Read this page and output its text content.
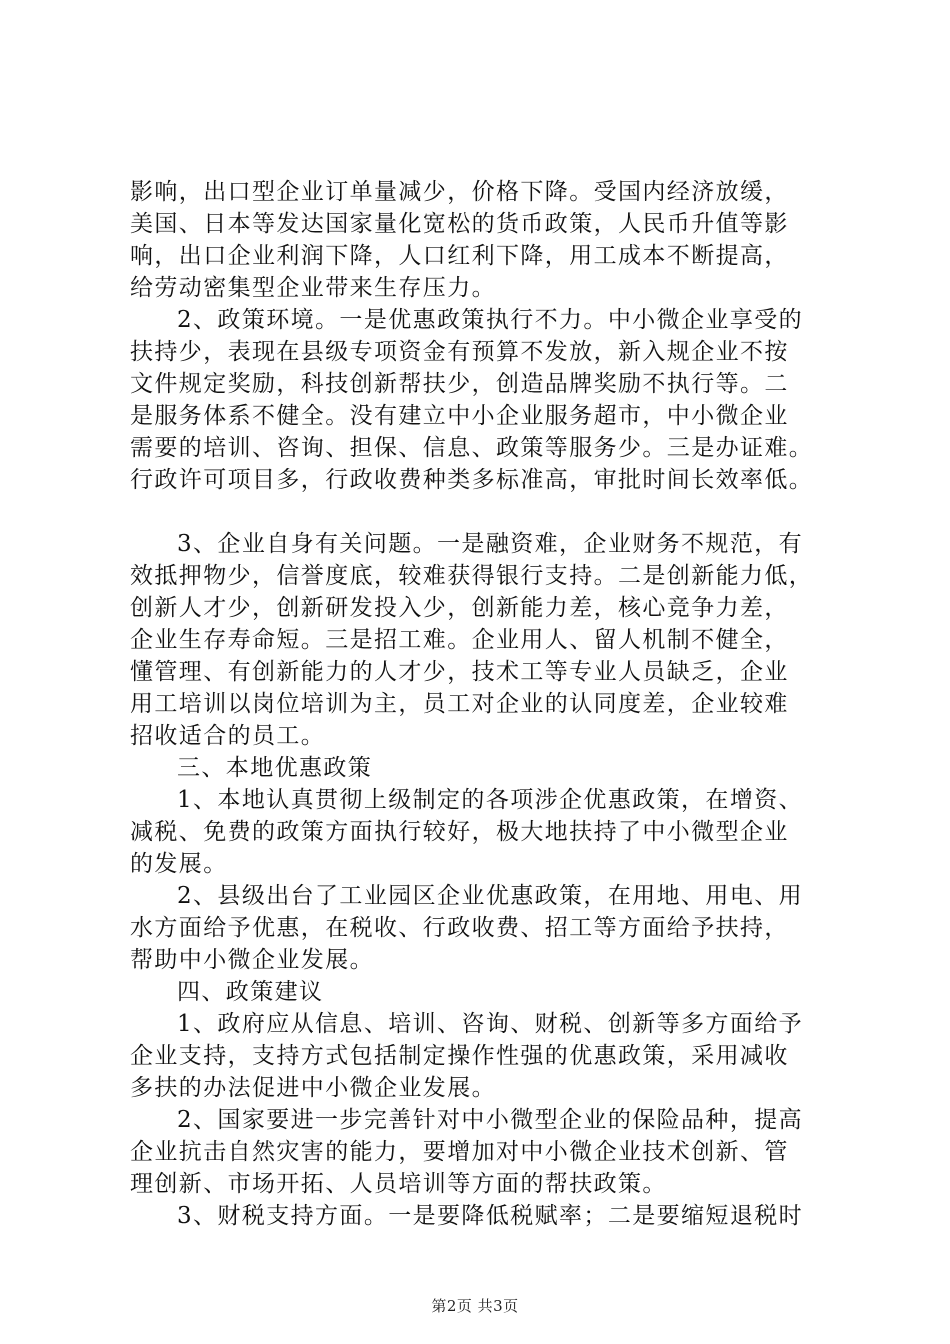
影响，出口型企业订单量减少，价格下降。受国内经济放缓，
美国、日本等发达国家量化宽松的货币政策，人民币升值等影
响，出口企业利润下降，人口红利下降，用工成本不断提高，
给劳动密集型企业带来生存压力。
2、政策环境。一是优惠政策执行不力。中小微企业享受的
扶持少，表现在县级专项资金有预算不发放，新入规企业不按
文件规定奖励，科技创新帮扶少，创造品牌奖励不执行等。二
是服务体系不健全。没有建立中小企业服务超市，中小微企业
需要的培训、咨询、担保、信息、政策等服务少。三是办证难。
行政许可项目多，行政收费种类多标准高，审批时间长效率低。
3、企业自身有关问题。一是融资难，企业财务不规范，有
效抵押物少，信誉度底，较难获得银行支持。二是创新能力低，
创新人才少，创新研发投入少，创新能力差，核心竞争力差，
企业生存寿命短。三是招工难。企业用人、留人机制不健全，
懂管理、有创新能力的人才少，技术工等专业人员缺乏，企业
用工培训以岗位培训为主，员工对企业的认同度差，企业较难
招收适合的员工。
三、本地优惠政策
1、本地认真贯彻上级制定的各项涉企优惠政策，在增资、
减税、免费的政策方面执行较好，极大地扶持了中小微型企业
的发展。
2、县级出台了工业园区企业优惠政策，在用地、用电、用
水方面给予优惠，在税收、行政收费、招工等方面给予扶持，
帮助中小微企业发展。
四、政策建议
1、政府应从信息、培训、咨询、财税、创新等多方面给予
企业支持，支持方式包括制定操作性强的优惠政策，采用减收
多扶的办法促进中小微企业发展。
2、国家要进一步完善针对中小微型企业的保险品种，提高
企业抗击自然灾害的能力，要增加对中小微企业技术创新、管
理创新、市场开拓、人员培训等方面的帮扶政策。
3、财税支持方面。一是要降低税赋率；二是要缩短退税时
第2页 共3页
